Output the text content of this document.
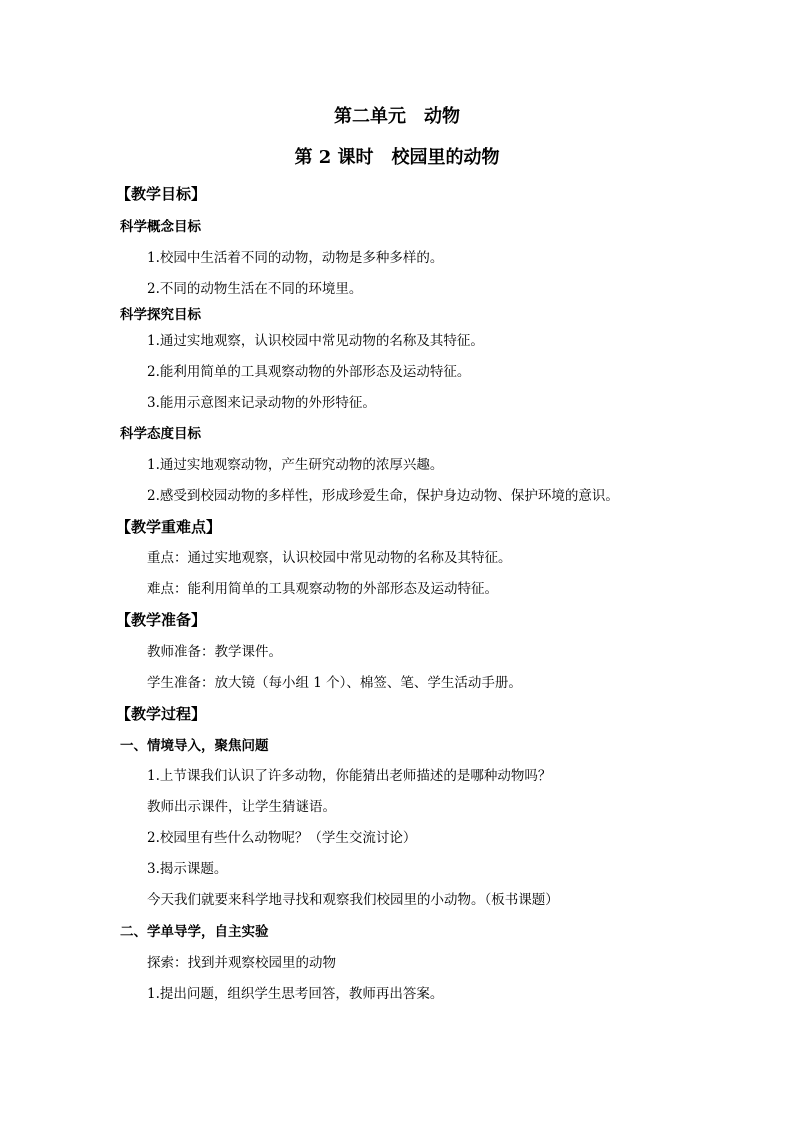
第二单元　动物
第 2 课时　校园里的动物
【教学目标】
科学概念目标
1.校园中生活着不同的动物，动物是多种多样的。
2.不同的动物生活在不同的环境里。
科学探究目标
1.通过实地观察，认识校园中常见动物的名称及其特征。
2.能利用简单的工具观察动物的外部形态及运动特征。
3.能用示意图来记录动物的外形特征。
科学态度目标
1.通过实地观察动物，产生研究动物的浓厚兴趣。
2.感受到校园动物的多样性，形成珍爱生命，保护身边动物、保护环境的意识。
【教学重难点】
重点：通过实地观察，认识校园中常见动物的名称及其特征。
难点：能利用简单的工具观察动物的外部形态及运动特征。
【教学准备】
教师准备：教学课件。
学生准备：放大镜（每小组 1 个）、棉签、笔、学生活动手册。
【教学过程】
一、情境导入，聚焦问题
1.上节课我们认识了许多动物，你能猜出老师描述的是哪种动物吗？
教师出示课件，让学生猜谜语。
2.校园里有些什么动物呢？（学生交流讨论）
3.揭示课题。
今天我们就要来科学地寻找和观察我们校园里的小动物。（板书课题）
二、学单导学，自主实验
探索：找到并观察校园里的动物
1.提出问题，组织学生思考回答，教师再出答案。
